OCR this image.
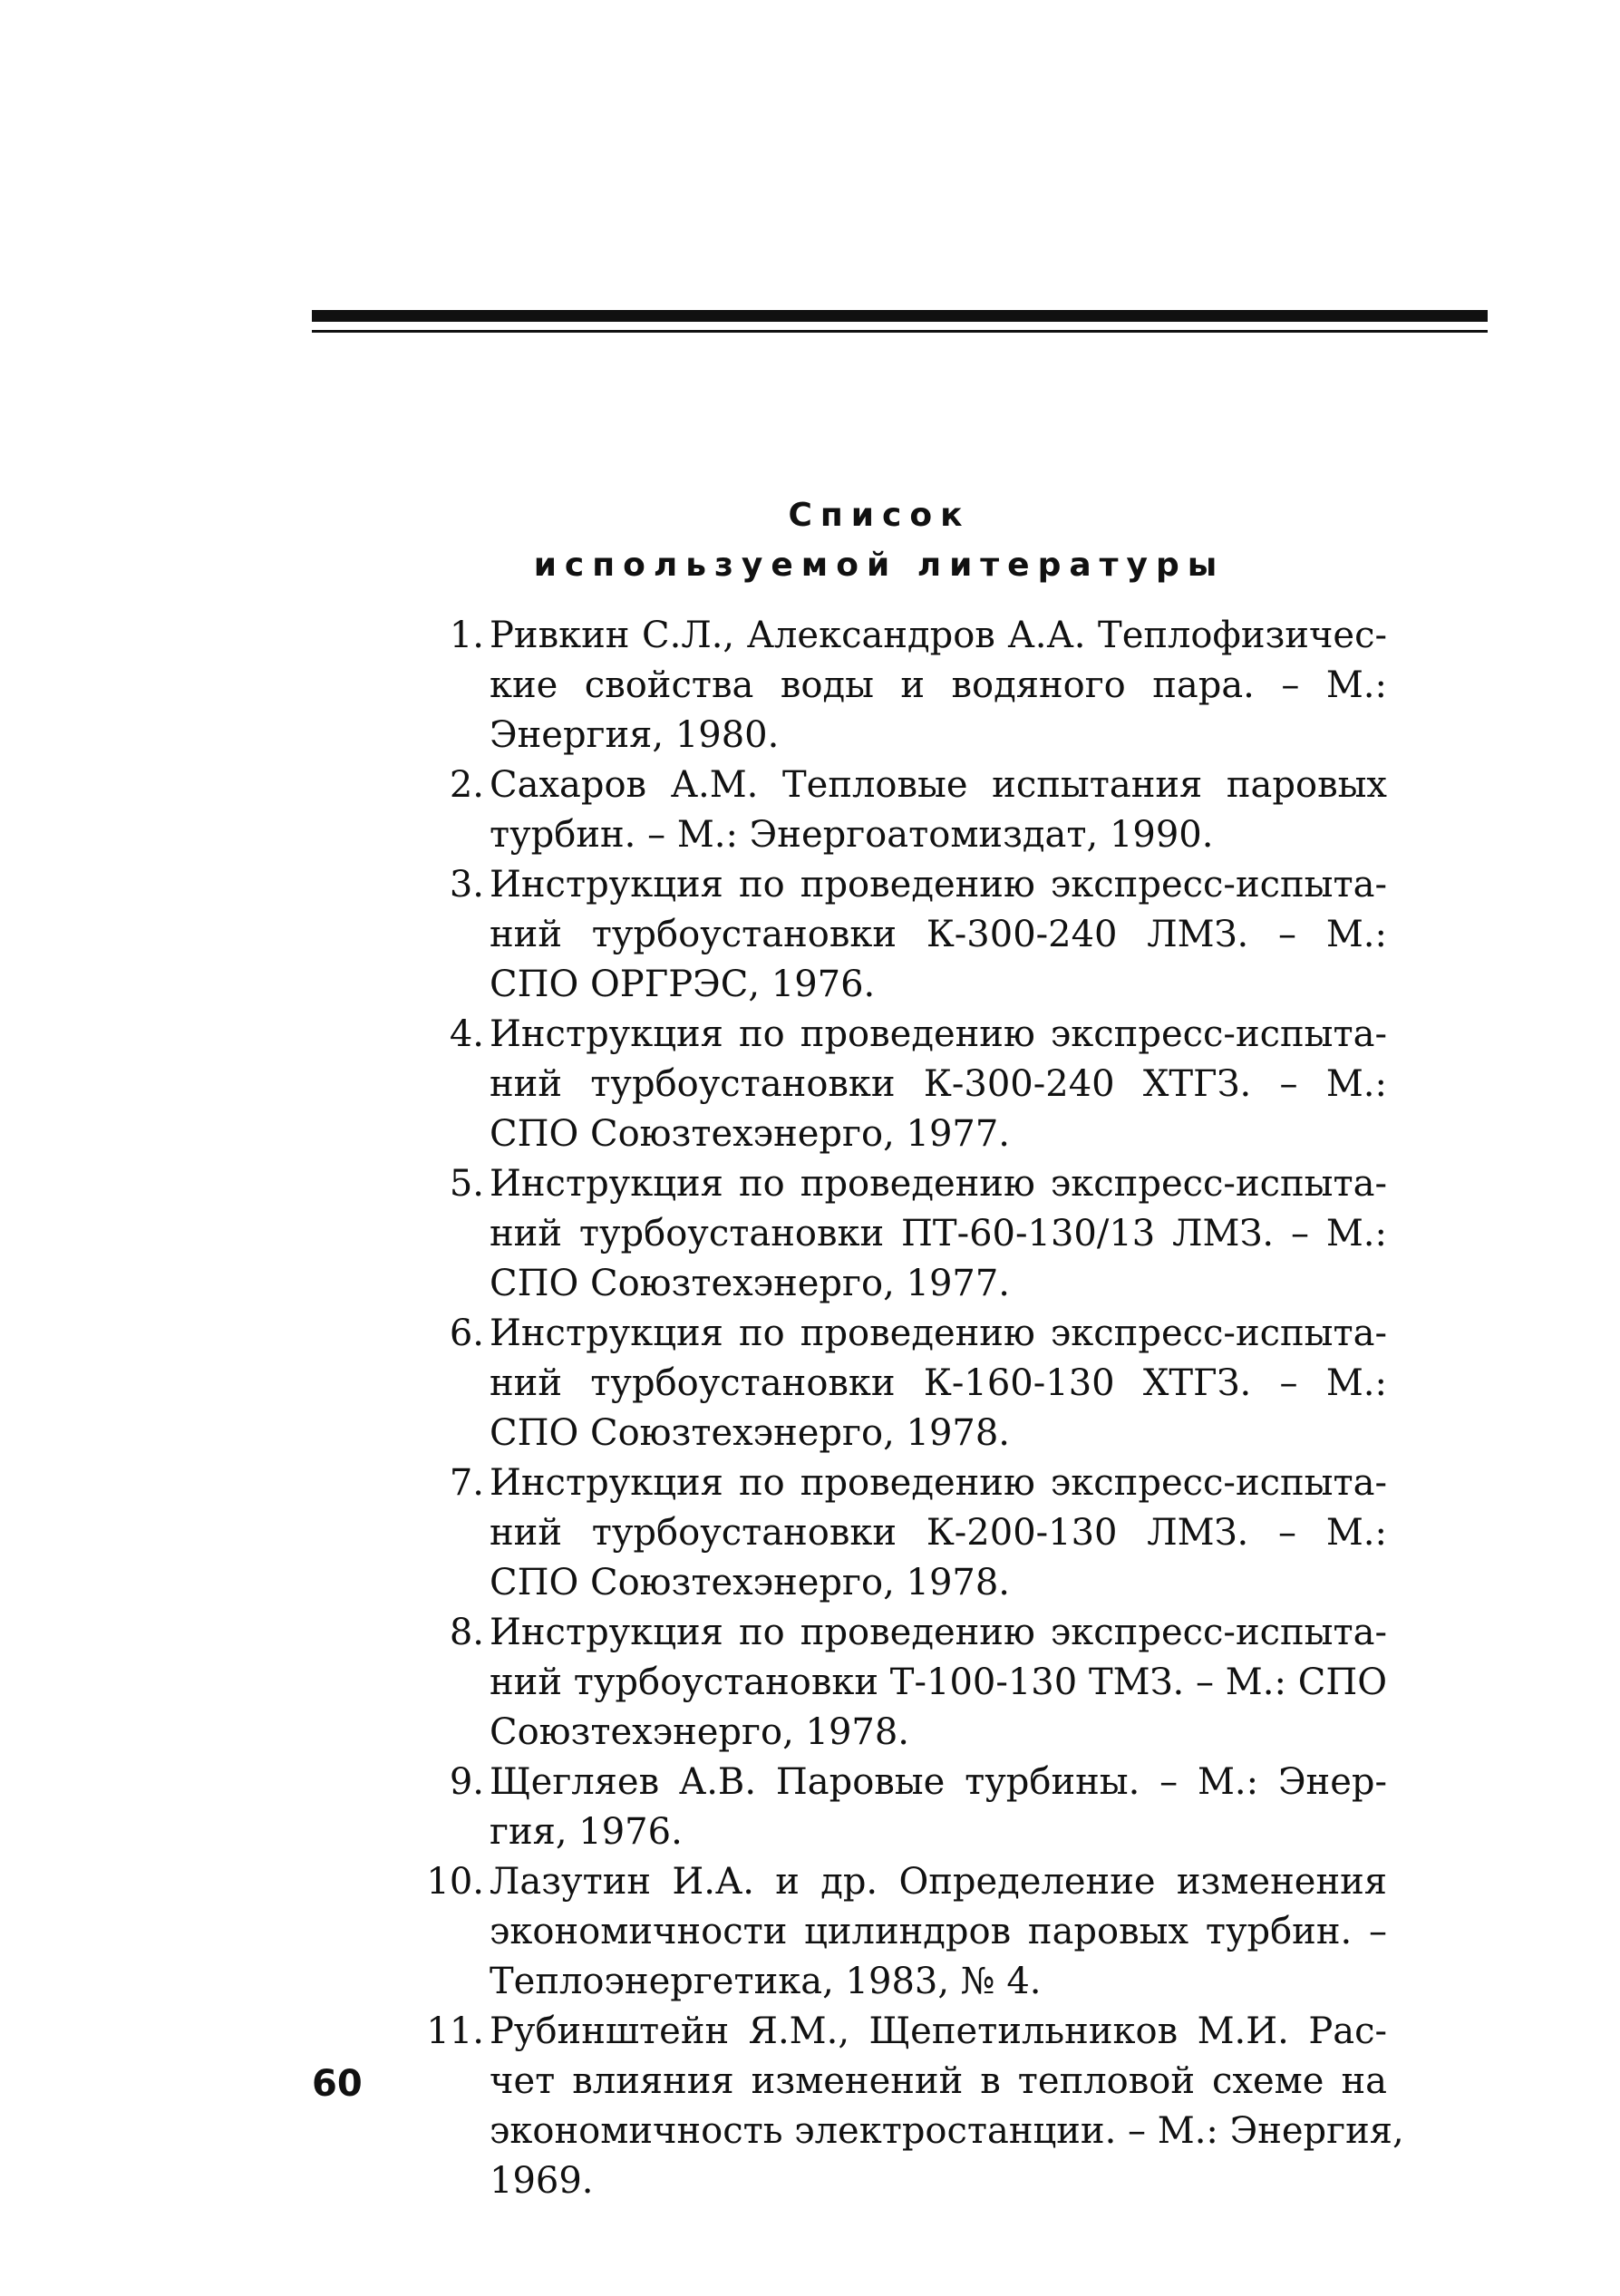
Список
используемой литературы
1. Ривкин С.Л., Александров А.А. Теплофизичес-
кие свойства воды и водяного пара. – М.:
Энергия, 1980.
2. Сахаров А.М. Тепловые испытания паровых
турбин. – М.: Энергоатомиздат, 1990.
3. Инструкция по проведению экспресс-испыта-
ний турбоустановки К-300-240 ЛМЗ. – М.:
СПО ОРГРЭС, 1976.
4. Инструкция по проведению экспресс-испыта-
ний турбоустановки К-300-240 ХТГЗ. – М.:
СПО Союзтехэнерго, 1977.
5. Инструкция по проведению экспресс-испыта-
ний турбоустановки ПТ-60-130/13 ЛМЗ. – М.:
СПО Союзтехэнерго, 1977.
6. Инструкция по проведению экспресс-испыта-
ний турбоустановки К-160-130 ХТГЗ. – М.:
СПО Союзтехэнерго, 1978.
7. Инструкция по проведению экспресс-испыта-
ний турбоустановки К-200-130 ЛМЗ. – М.:
СПО Союзтехэнерго, 1978.
8. Инструкция по проведению экспресс-испыта-
ний турбоустановки Т-100-130 ТМЗ. – М.: СПО
Союзтехэнерго, 1978.
9. Щегляев А.В. Паровые турбины. – М.: Энер-
гия, 1976.
10. Лазутин И.А. и др. Определение изменения
экономичности цилиндров паровых турбин. –
Теплоэнергетика, 1983, № 4.
11. Рубинштейн Я.М., Щепетильников М.И. Рас-
чет влияния изменений в тепловой схеме на
экономичность электростанции. – М.: Энергия,
1969.
60
